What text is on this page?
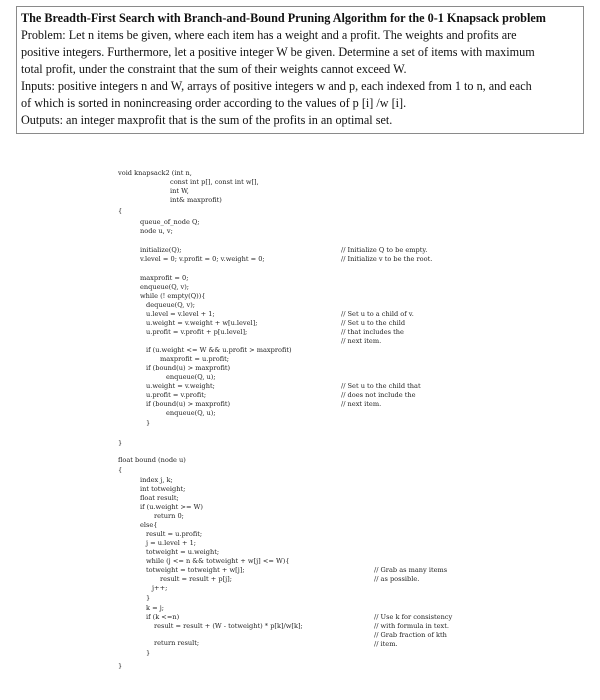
The Breadth-First Search with Branch-and-Bound Pruning Algorithm for the 0-1 Knapsack problem
Problem: Let n items be given, where each item has a weight and a profit. The weights and profits are
positive integers. Furthermore, let a positive integer W be given. Determine a set of items with maximum
total profit, under the constraint that the sum of their weights cannot exceed W.
Inputs: positive integers n and W, arrays of positive integers w and p, each indexed from 1 to n, and each
of which is sorted in nonincreasing order according to the values of p [i] /w [i].
Outputs: an integer maxprofit that is the sum of the profits in an optimal set.
void knapsack2 (int n,
const int p[], const int w[],
int W,
int& maxprofit)
{
queue_of_node Q;
node u, v;
initialize(Q);
v.level = 0; v.profit = 0; v.weight = 0;
maxprofit = 0;
enqueue(Q, v);
while (! empty(Q)){
dequeue(Q, v);
u.level = v.level + 1;
u.weight = v.weight + w[u.level];
u.profit = v.profit + p[u.level];
if (u.weight <= W && u.profit > maxprofit)
maxprofit = u.profit;
if (bound(u) > maxprofit)
enqueue(Q, u);
u.weight = v.weight;
u.profit = v.profit;
if (bound(u) > maxprofit)
enqueue(Q, u);
}
}
float bound (node u)
{
index j, k;
int totweight;
float result;
if (u.weight >= W)
return 0;
else{
result = u.profit;
j = u.level + 1;
totweight = u.weight;
while (j <= n && totweight + w[j] <= W){
totweight = totweight + w[j];
result = result + p[j];
j++;
}
k = j;
if (k <=n)
result = result + (W - totweight) * p[k]/w[k];
return result;
}
}
// Initialize Q to be empty.
// Initialize v to be the root.
// Set u to a child of v.
// Set u to the child
// that includes the
// next item.
// Set u to the child that
// does not include the
// next item.
// Grab as many items
// as possible.
// Use k for consistency
// with formula in text.
// Grab fraction of kth
// item.
